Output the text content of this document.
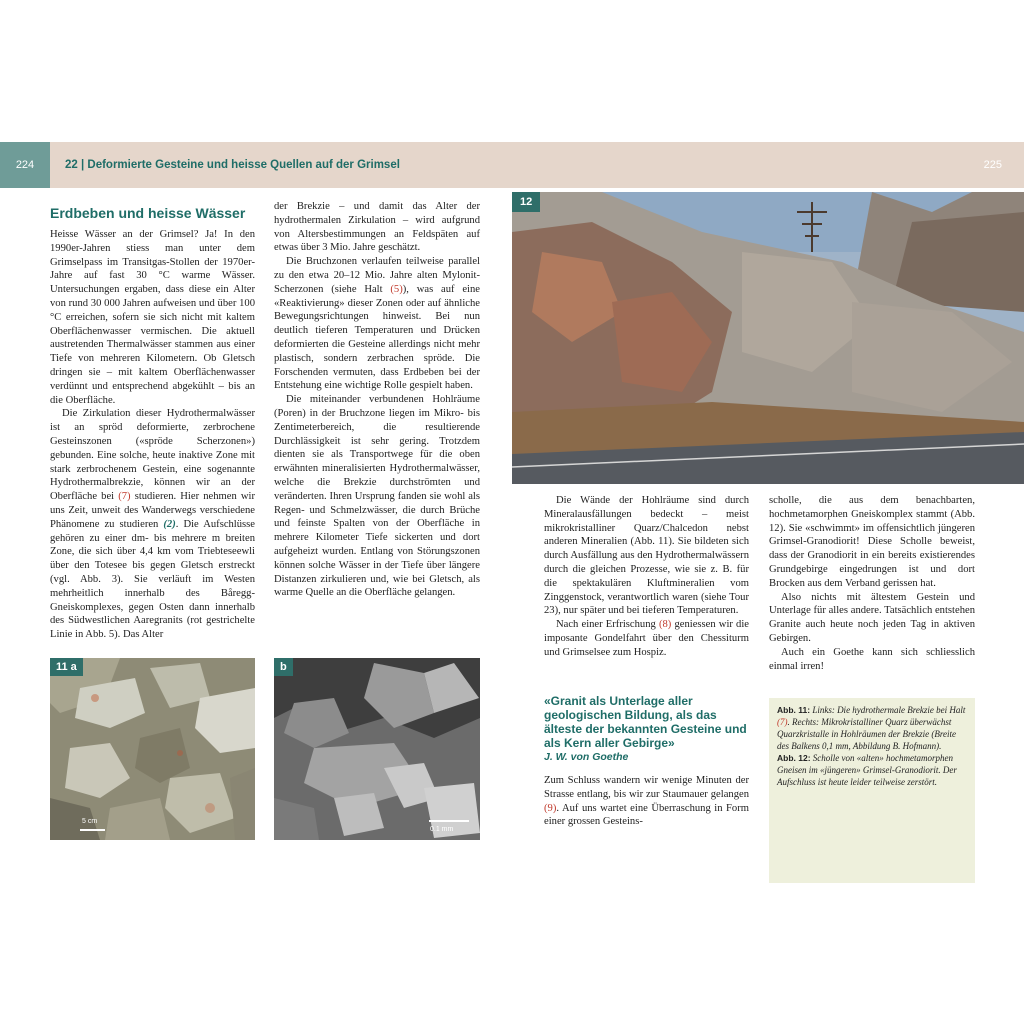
224	22 | Deformierte Gesteine und heisse Quellen auf der Grimsel	225
Erdbeben und heisse Wässer

Heisse Wässer an der Grimsel? Ja! In den 1990er-Jahren stiess man unter dem Grimselpass im Transitgas-Stollen der 1970er-Jahre auf fast 30 °C warme Wässer. Untersuchungen ergaben, dass diese ein Alter von rund 30 000 Jahren aufweisen und über 100 °C erreichen, sofern sie sich nicht mit kaltem Oberflächenwasser vermischen. Die aktuell austretenden Thermalwässer stammen aus einer Tiefe von mehreren Kilometern. Ob Gletsch dringen sie – mit kaltem Oberflächenwasser verdünnt und entsprechend abgekühlt – bis an die Oberfläche.

Die Zirkulation dieser Hydrothermalwässer ist an spröd deformierte, zerbrochene Gesteinszonen («spröde Scherzonen») gebunden. Eine solche, heute inaktive Zone mit stark zerbrochenem Gestein, eine sogenannte Hydrothermalbrekzie, können wir an der Oberfläche bei (7) studieren. Hier nehmen wir uns Zeit, unweit des Wanderwegs verschiedene Phänomene zu studieren (2). Die Aufschlüsse gehören zu einer dm- bis mehrere m breiten Zone, die sich über 4,4 km vom Triebteseewli über den Totesee bis gegen Gletsch erstreckt (vgl. Abb. 3). Sie verläuft im Westen mehrheitlich innerhalb des Båregg-Gneiskomplexes, gegen Osten dann innerhalb des Südwestlichen Aaregranits (rot gestrichelte Linie in Abb. 5). Das Alter

der Brekzie – und damit das Alter der hydrothermalen Zirkulation – wird aufgrund von Altersbestimmungen an Feldspäten auf etwas über 3 Mio. Jahre geschätzt.

Die Bruchzonen verlaufen teilweise parallel zu den etwa 20–12 Mio. Jahre alten Mylonit-Scherzonen (siehe Halt (5)), was auf eine «Reaktivierung» dieser Zonen oder auf ähnliche Bewegungsrichtungen hinweist. Bei nun deutlich tieferen Temperaturen und Drücken deformierten die Gesteine allerdings nicht mehr plastisch, sondern zerbrachen spröde. Die Forschenden vermuten, dass Erdbeben bei der Entstehung eine wichtige Rolle gespielt haben.

Die miteinander verbundenen Hohlräume (Poren) in der Bruchzone liegen im Mikro- bis Zentimeterbereich, die resultierende Durchlässigkeit ist sehr gering. Trotzdem dienten sie als Transportwege für die oben erwähnten mineralisierten Hydrothermalwässer, welche die Brekzie durchströmten und veränderten. Ihren Ursprung fanden sie wohl als Regen- und Schmelzwässer, die durch Brüche und feinste Spalten von der Oberfläche in mehrere Kilometer Tiefe sickerten und dort aufgeheizt wurden. Entlang von Störungszonen können solche Wässer in der Tiefe über längere Distanzen zirkulieren und, wie bei Gletsch, als warme Quelle an die Oberfläche gelangen.

11 a
5 cm
b
0.1 mm
12

Die Wände der Hohlräume sind durch Mineralausfällungen bedeckt – meist mikrokristalliner Quarz/Chalcedon nebst anderen Mineralien (Abb. 11). Sie bildeten sich durch Ausfällung aus den Hydrothermalwässern durch die gleichen Prozesse, wie sie z. B. für die spektakulären Kluftmineralien vom Zinggenstock, verantwortlich waren (siehe Tour 23), nur später und bei tieferen Temperaturen.

Nach einer Erfrischung (8) geniessen wir die imposante Gondelfahrt über den Chessiturm und Grimselsee zum Hospiz.

«Granit als Unterlage aller geologischen Bildung, als das älteste der bekannten Gesteine und als Kern aller Gebirge»
J. W. von Goethe

Zum Schluss wandern wir wenige Minuten der Strasse entlang, bis wir zur Staumauer gelangen (9). Auf uns wartet eine Überraschung in Form einer grossen Gesteins-

scholle, die aus dem benachbarten, hochmetamorphen Gneiskomplex stammt (Abb. 12). Sie «schwimmt» im offensichtlich jüngeren Grimsel-Granodiorit! Diese Scholle beweist, dass der Granodiorit in ein bereits existierendes Grundgebirge eingedrungen ist und dort Brocken aus dem Verband gerissen hat.

Also nichts mit ältestem Gestein und Unterlage für alles andere. Tatsächlich entstehen Granite auch heute noch jeden Tag in aktiven Gebirgen.

Auch ein Goethe kann sich schliesslich einmal irren!

Abb. 11: Links: Die hydrothermale Brekzie bei Halt (7). Rechts: Mikrokristalliner Quarz überwächst Quarzkristalle in Hohlräumen der Brekzie (Breite des Balkens 0,1 mm, Abbildung B. Hofmann).
Abb. 12: Scholle von «alten» hochmetamorphen Gneisen im «jüngeren» Grimsel-Granodiorit. Der Aufschluss ist heute leider teilweise zerstört.
